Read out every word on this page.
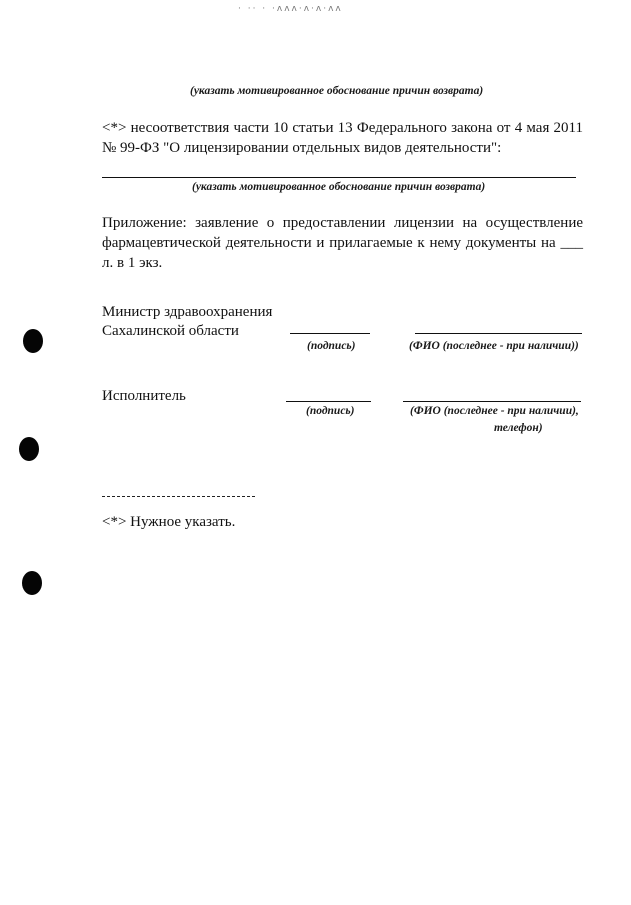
· ·· · ·ᴧᴧᴧ·ᴧ·ᴧ·ᴧᴧ
(указать мотивированное обоснование причин возврата)
<*> несоответствия части 10 статьи 13 Федерального закона от 4 мая 2011 № 99-ФЗ "О лицензировании отдельных видов деятельности":
(указать мотивированное обоснование причин возврата)
Приложение: заявление о предоставлении лицензии на осуществление фармацевтической деятельности и прилагаемые к нему документы на ___ л. в 1 экз.
Министр здравоохранения
Сахалинской области
(подпись)	(ФИО (последнее - при наличии))
Исполнитель
(подпись)	(ФИО (последнее - при наличии),
телефон)
<*> Нужное указать.
